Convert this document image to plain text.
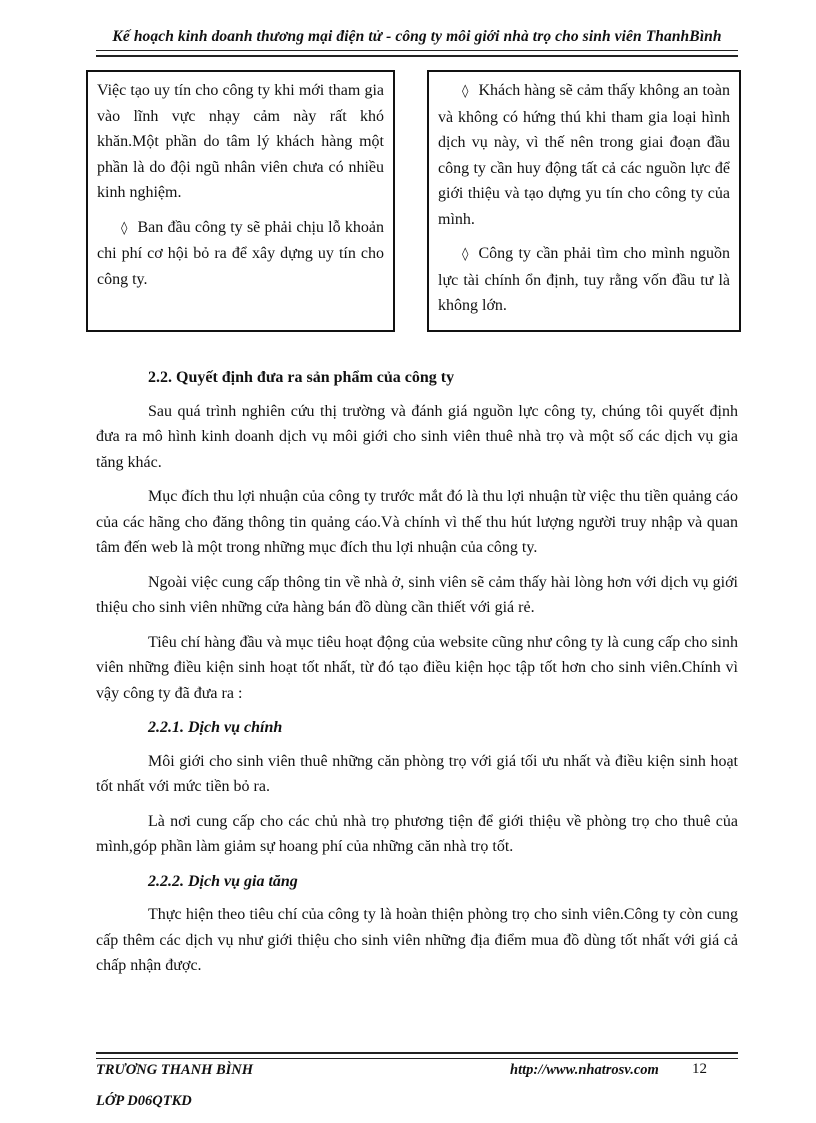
Kế hoạch kinh doanh thương mại điện tử - công ty môi giới nhà trọ cho sinh viên ThanhBình

Việc tạo uy tín cho công ty khi mới tham gia vào lĩnh vực nhạy cảm này rất khó khăn.Một phần do tâm lý khách hàng một phần là do đội ngũ nhân viên chưa có nhiều kinh nghiệm.

◊ Ban đầu công ty sẽ phải chịu lỗ khoản chi phí cơ hội bỏ ra để xây dựng uy tín cho công ty.

◊ Khách hàng sẽ cảm thấy không an toàn và không có hứng thú khi tham gia loại hình dịch vụ này, vì thế nên trong giai đoạn đầu công ty cần huy động tất cả các nguồn lực để giới thiệu và tạo dựng yu tín cho công ty của mình.

◊ Công ty cần phải tìm cho mình nguồn lực tài chính ổn định, tuy rằng vốn đầu tư là không lớn.

2.2. Quyết định đưa ra sản phẩm của công ty

Sau quá trình nghiên cứu thị trường và đánh giá nguồn lực công ty, chúng tôi quyết định đưa ra mô hình kinh doanh dịch vụ môi giới cho sinh viên thuê nhà trọ và một số các dịch vụ gia tăng khác.

Mục đích thu lợi nhuận của công ty trước mắt đó là thu lợi nhuận từ việc thu tiền quảng cáo của các hãng cho đăng thông tin quảng cáo.Và chính vì thế thu hút lượng người truy nhập và quan tâm đến web là một trong những mục đích thu lợi nhuận của công ty.

Ngoài việc cung cấp thông tin về nhà ở, sinh viên sẽ cảm thấy hài lòng hơn với dịch vụ giới thiệu cho sinh viên những cửa hàng bán đồ dùng cần thiết với giá rẻ.

Tiêu chí hàng đầu và mục tiêu hoạt động của website cũng như công ty là cung cấp cho sinh viên những điều kiện sinh hoạt tốt nhất, từ đó tạo điều kiện học tập tốt hơn cho sinh viên.Chính vì vậy công ty đã đưa ra :

2.2.1. Dịch vụ chính

Môi giới cho sinh viên thuê những căn phòng trọ với giá tối ưu nhất và điều kiện sinh hoạt tốt nhất với mức tiền bỏ ra.

Là nơi cung cấp cho các chủ nhà trọ phương tiện để giới thiệu về phòng trọ cho thuê của mình,góp phần làm giảm sự hoang phí của những căn nhà trọ tốt.

2.2.2. Dịch vụ gia tăng

Thực hiện theo tiêu chí của công ty là hoàn thiện phòng trọ cho sinh viên.Công ty còn cung cấp thêm các dịch vụ như giới thiệu cho sinh viên những địa điểm mua đồ dùng tốt nhất với giá cả chấp nhận được.

TRƯƠNG THANH BÌNH	http://www.nhatrosv.com 12
LỚP D06QTKD
